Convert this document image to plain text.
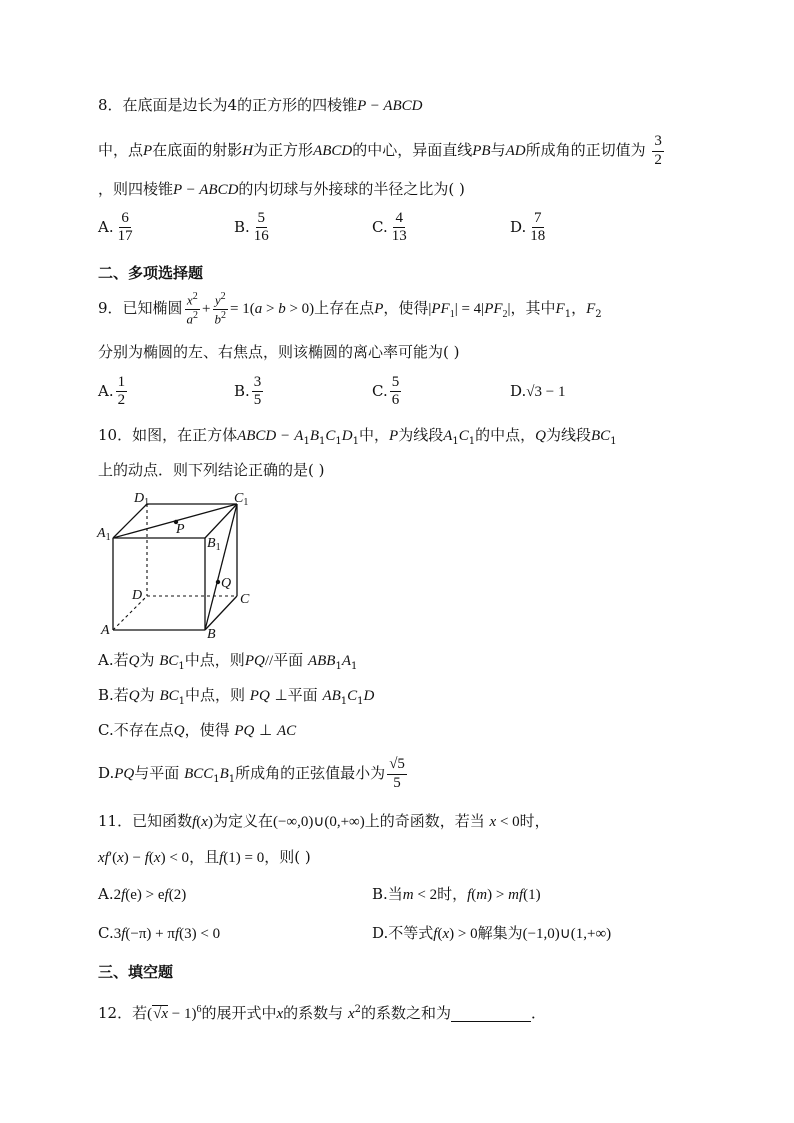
8．在底面是边长为4的正方形的四棱锥P − ABCD
中，点P在底面的射影H为正方形ABCD的中心，异面直线PB与AD所成角的正切值为 $\frac{3}{2}$
，则四棱锥P − ABCD的内切球与外接球的半径之比为( )
A. $\frac{6}{17}$	B. $\frac{5}{16}$	C. $\frac{4}{13}$	D. $\frac{7}{18}$
二、多项选择题
9．已知椭圆 $\frac{x^2}{a^2} + \frac{y^2}{b^2} = 1(a > b > 0)$上存在点P，使得$|PF_1| = 4|PF_2|$，其中$F_1$，$F_2$
分别为椭圆的左、右焦点，则该椭圆的离心率可能为( )
A. $\frac{1}{2}$	B. $\frac{3}{5}$	C. $\frac{5}{6}$	D.√3 − 1
10．如图，在正方体ABCD − $A_1B_1C_1D_1$中，P为线段$A_1C_1$的中点，Q为线段$BC_1$
上的动点．则下列结论正确的是( )
$D_1$	$C_1$
$A_1$	$B_1$
P
Q
D	C
A	B
A.若Q为 $BC_1$中点，则PQ//平面 $ABB_1A_1$
B.若Q为 $BC_1$中点，则 PQ ⊥平面 $AB_1C_1D$
C.不存在点Q，使得 PQ ⊥ AC
D.PQ与平面 $BCC_1B_1$所成角的正弦值最小为 $\frac{√5}{5}$
11．已知函数f(x)为定义在(−∞,0)∪(0,+∞)上的奇函数，若当 x < 0时，
xf′(x) − f(x) < 0，且f(1) = 0，则( )
A.2f(e) > ef(2)	B.当m < 2时，f(m) > mf(1)
C.3f(−π) + πf(3) < 0	D.不等式f(x) > 0解集为(−1,0)∪(1,+∞)
三、填空题
12．若$(√x - 1)^6$的展开式中x的系数与 $x^2$的系数之和为	．
